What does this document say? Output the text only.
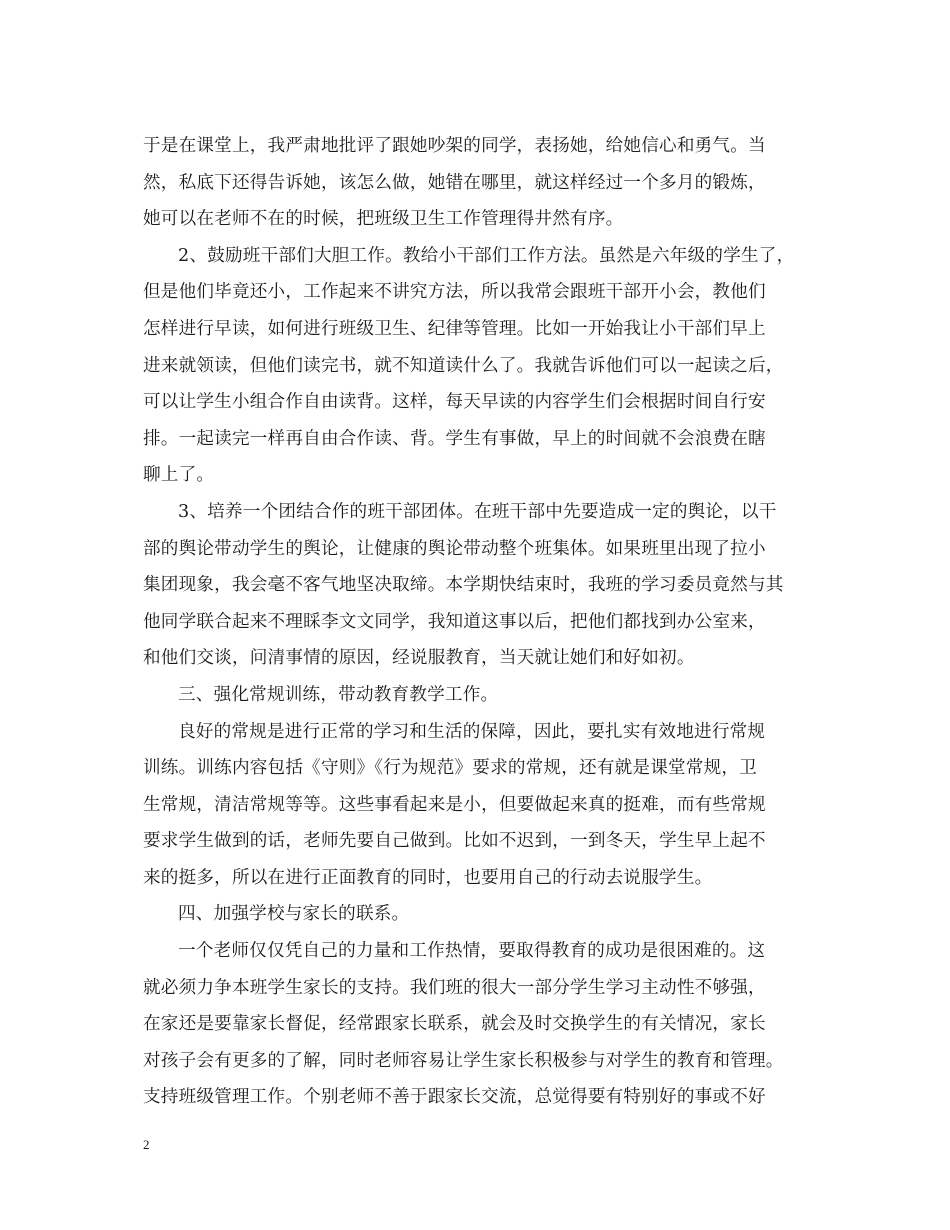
于是在课堂上，我严肃地批评了跟她吵架的同学，表扬她，给她信心和勇气。当
然，私底下还得告诉她，该怎么做，她错在哪里，就这样经过一个多月的锻炼，
她可以在老师不在的时候，把班级卫生工作管理得井然有序。
2、鼓励班干部们大胆工作。教给小干部们工作方法。虽然是六年级的学生了，
但是他们毕竟还小，工作起来不讲究方法，所以我常会跟班干部开小会，教他们
怎样进行早读，如何进行班级卫生、纪律等管理。比如一开始我让小干部们早上
进来就领读，但他们读完书，就不知道读什么了。我就告诉他们可以一起读之后，
可以让学生小组合作自由读背。这样，每天早读的内容学生们会根据时间自行安
排。一起读完一样再自由合作读、背。学生有事做，早上的时间就不会浪费在瞎
聊上了。
3、培养一个团结合作的班干部团体。在班干部中先要造成一定的舆论，以干
部的舆论带动学生的舆论，让健康的舆论带动整个班集体。如果班里出现了拉小
集团现象，我会毫不客气地坚决取缔。本学期快结束时，我班的学习委员竟然与其
他同学联合起来不理睬李文文同学，我知道这事以后，把他们都找到办公室来，
和他们交谈，问清事情的原因，经说服教育，当天就让她们和好如初。
三、强化常规训练，带动教育教学工作。
良好的常规是进行正常的学习和生活的保障，因此，要扎实有效地进行常规
训练。训练内容包括《守则》《行为规范》要求的常规，还有就是课堂常规，卫
生常规，清洁常规等等。这些事看起来是小，但要做起来真的挺难，而有些常规
要求学生做到的话，老师先要自己做到。比如不迟到，一到冬天，学生早上起不
来的挺多，所以在进行正面教育的同时，也要用自己的行动去说服学生。
四、加强学校与家长的联系。
一个老师仅仅凭自己的力量和工作热情，要取得教育的成功是很困难的。这
就必须力争本班学生家长的支持。我们班的很大一部分学生学习主动性不够强，
在家还是要靠家长督促，经常跟家长联系，就会及时交换学生的有关情况，家长
对孩子会有更多的了解，同时老师容易让学生家长积极参与对学生的教育和管理。
支持班级管理工作。个别老师不善于跟家长交流，总觉得要有特别好的事或不好
2
